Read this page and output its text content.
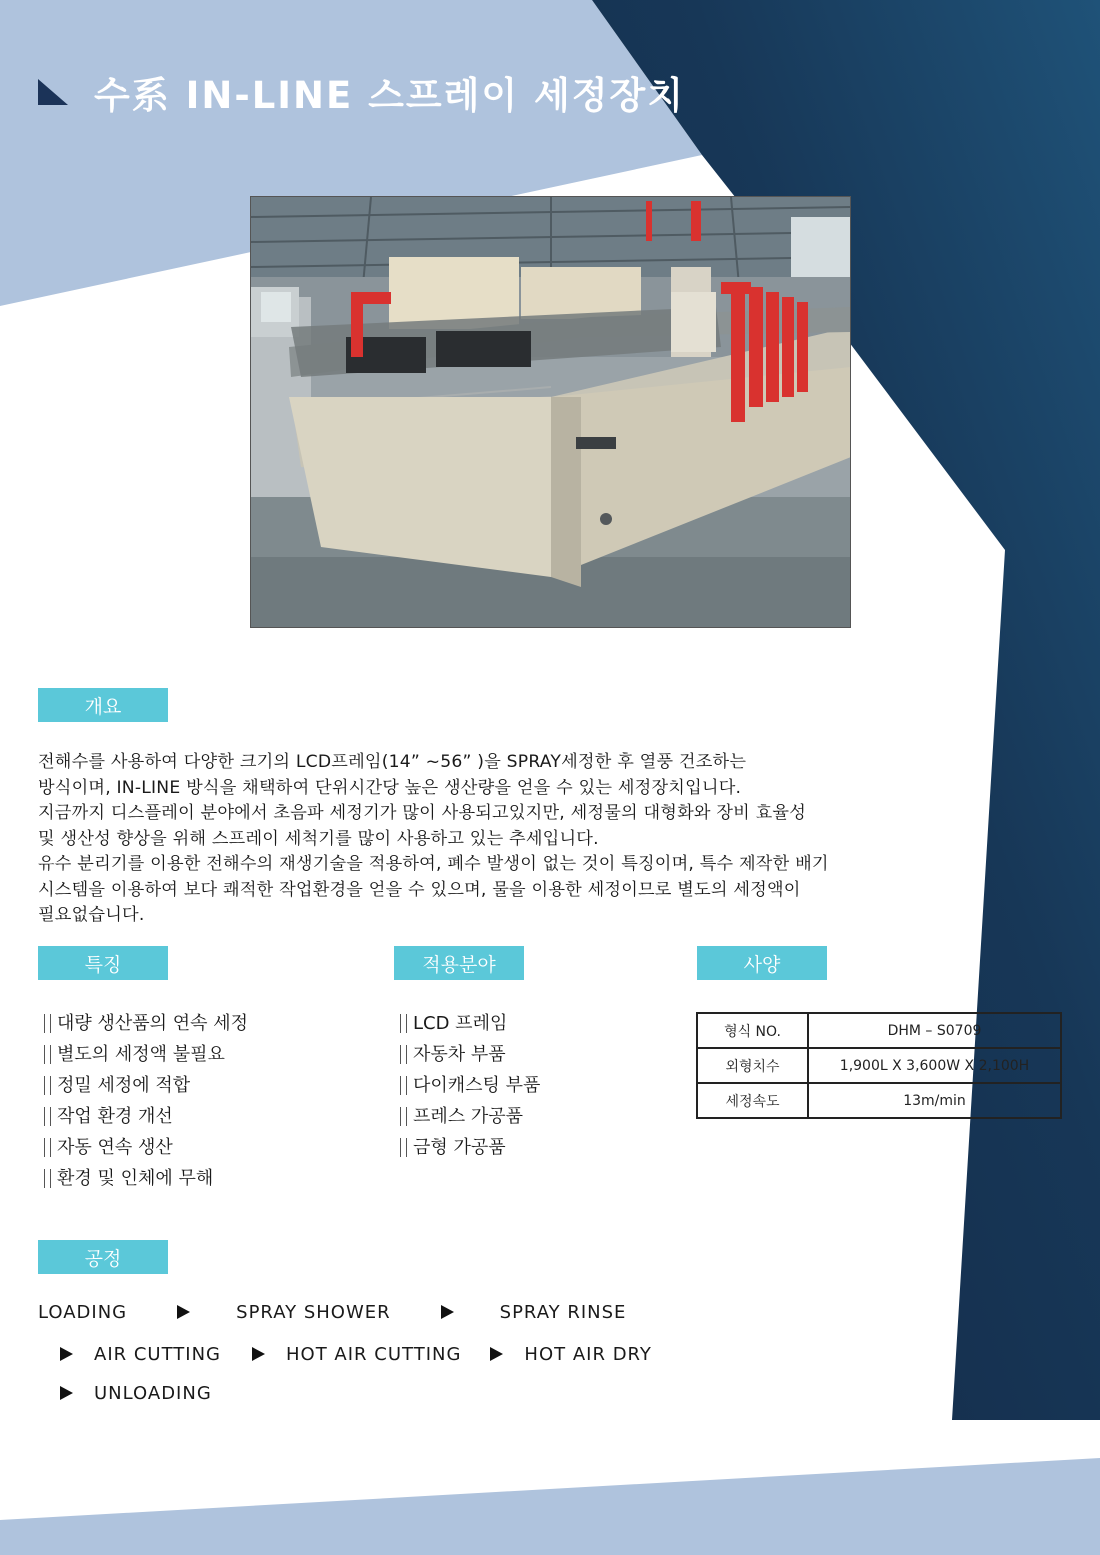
수系 IN-LINE 스프레이 세정장치
개요

전해수를 사용하여 다양한 크기의 LCD프레임(14” ~56” )을 SPRAY세정한 후 열풍 건조하는

방식이며, IN-LINE 방식을 채택하여 단위시간당 높은 생산량을 얻을 수 있는 세정장치입니다.

지금까지 디스플레이 분야에서 초음파 세정기가 많이 사용되고있지만, 세정물의 대형화와 장비 효율성

및 생산성 향상을 위해 스프레이 세척기를 많이 사용하고 있는 추세입니다.

유수 분리기를 이용한 전해수의 재생기술을 적용하여, 폐수 발생이 없는 것이 특징이며, 특수 제작한 배기

시스템을 이용하여 보다 쾌적한 작업환경을 얻을 수 있으며, 물을 이용한 세정이므로 별도의 세정액이

필요없습니다.

특징	적용분야	사양
대량 생산품의 연속 세정
별도의 세정액 불필요
정밀 세정에 적합
작업 환경 개선
자동 연속 생산
환경 및 인체에 무해
LCD 프레임
자동차 부품
다이캐스팅 부품
프레스 가공품
금형 가공품
형식 NO.	DHM – S0709
외형치수	1,900L X 3,600W X 2,100H
세정속도	13m/min
공정
LOADING	SPRAY SHOWER	SPRAY RINSE
AIR CUTTING	HOT AIR CUTTING	HOT AIR DRY
UNLOADING
